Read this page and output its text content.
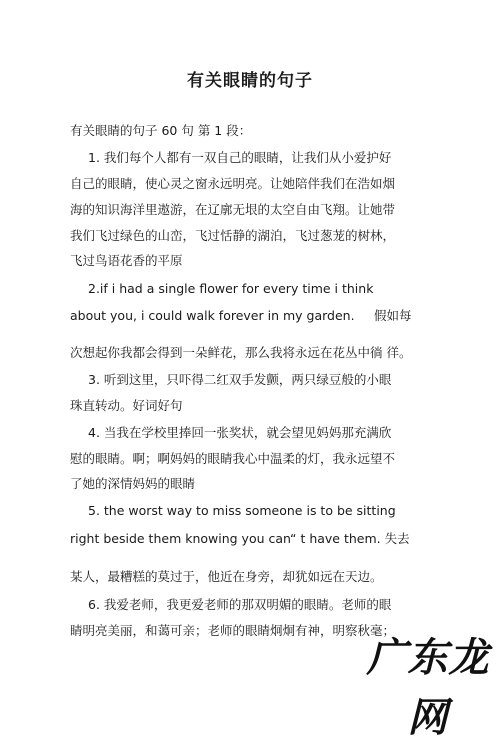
有关眼睛的句子
有关眼睛的句子 60 句 第 1 段：
1. 我们每个人都有一双自己的眼睛，让我们从小爱护好
自己的眼睛，使心灵之窗永远明亮。让她陪伴我们在浩如烟
海的知识海洋里遨游，在辽廓无垠的太空自由飞翔。让她带
我们飞过绿色的山峦，飞过恬静的湖泊，飞过葱茏的树林，
飞过鸟语花香的平原
2.if i had a single flower for every time i think
about you, i could walk forever in my garden. 假如每
次想起你我都会得到一朵鲜花，那么我将永远在花丛中徜 徉。
3. 听到这里，只吓得二红双手发颤，两只绿豆般的小眼
珠直转动。好词好句
4. 当我在学校里捧回一张奖状，就会望见妈妈那充满欣
慰的眼睛。啊；啊妈妈的眼睛我心中温柔的灯，我永远望不
了她的深情妈妈的眼睛
5. the worst way to miss someone is to be sitting
right beside them knowing you can “ t have them. 失去
某人，最糟糕的莫过于，他近在身旁，却犹如远在天边。
6. 我爱老师，我更爱老师的那双明媚的眼睛。老师的眼
睛明亮美丽，和蔼可亲；老师的眼睛炯炯有神，明察秋毫；
广东龙网
